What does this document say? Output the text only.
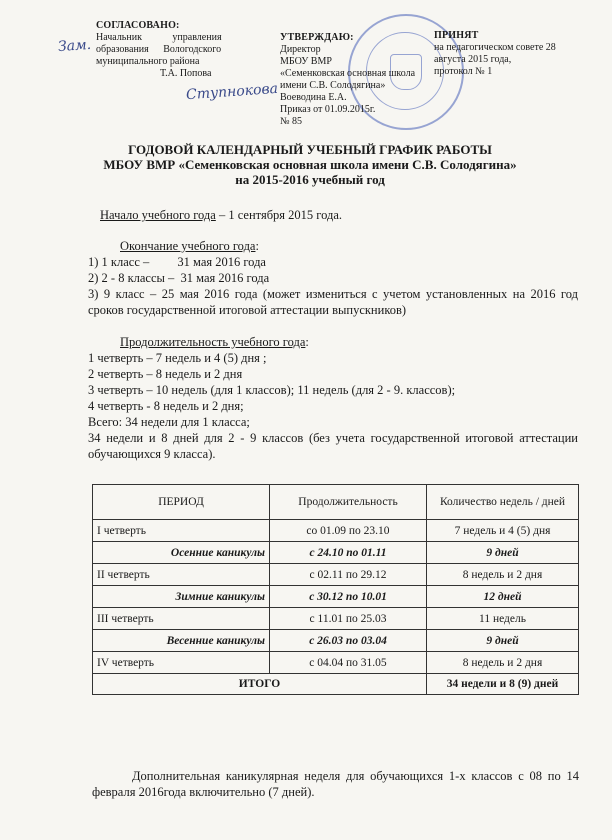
СОГЛАСОВАНО:
Начальник управления
образования Вологодского
муниципального района
Т.А. Попова
Зам.
Ступнокова
УТВЕРЖДАЮ:
Директор
МБОУ ВМР
«Семенковская основная школа
имени С.В. Солодягина»
Воеводина Е.А.
Приказ от 01.09.2015г.
№ 85
ПРИНЯТ
на педагогическом совете 28
августа 2015 года,
протокол № 1
ГОДОВОЙ КАЛЕНДАРНЫЙ УЧЕБНЫЙ ГРАФИК РАБОТЫ
МБОУ ВМР «Семенковская основная школа имени С.В. Солодягина»
на 2015-2016 учебный год
Начало учебного года – 1 сентября 2015 года.
Окончание учебного года:
1) 1 класс –         31 мая 2016 года
2) 2 - 8 классы –  31 мая 2016 года
3) 9 класс – 25 мая 2016 года (может измениться с учетом установленных на 2016 год сроков государственной итоговой аттестации выпускников)
Продолжительность учебного года:
1 четверть – 7 недель и 4 (5) дня ;
2 четверть – 8 недель и 2 дня
3 четверть – 10 недель (для 1 классов); 11 недель (для 2 - 9. классов);
4 четверть - 8 недель и 2 дня;
Всего: 34 недели для 1 класса;
34 недели и 8 дней для 2 - 9 классов (без учета государственной итоговой аттестации обучающихся 9 класса).
ПЕРИОД	Продолжительность	Количество недель / дней
I четверть	со 01.09 по 23.10	7 недель и 4 (5) дня
Осенние каникулы	с 24.10 по 01.11	9 дней
II четверть	с 02.11 по 29.12	8 недель и 2 дня
Зимние каникулы	с 30.12 по 10.01	12 дней
III четверть	с 11.01 по 25.03	11 недель
Весенние каникулы	с 26.03 по 03.04	9 дней
IV четверть	с 04.04 по 31.05	8 недель и 2 дня
ИТОГО		34 недели и 8 (9) дней
Дополнительная каникулярная неделя для обучающихся 1-х классов с 08 по 14 февраля 2016года включительно (7 дней).
